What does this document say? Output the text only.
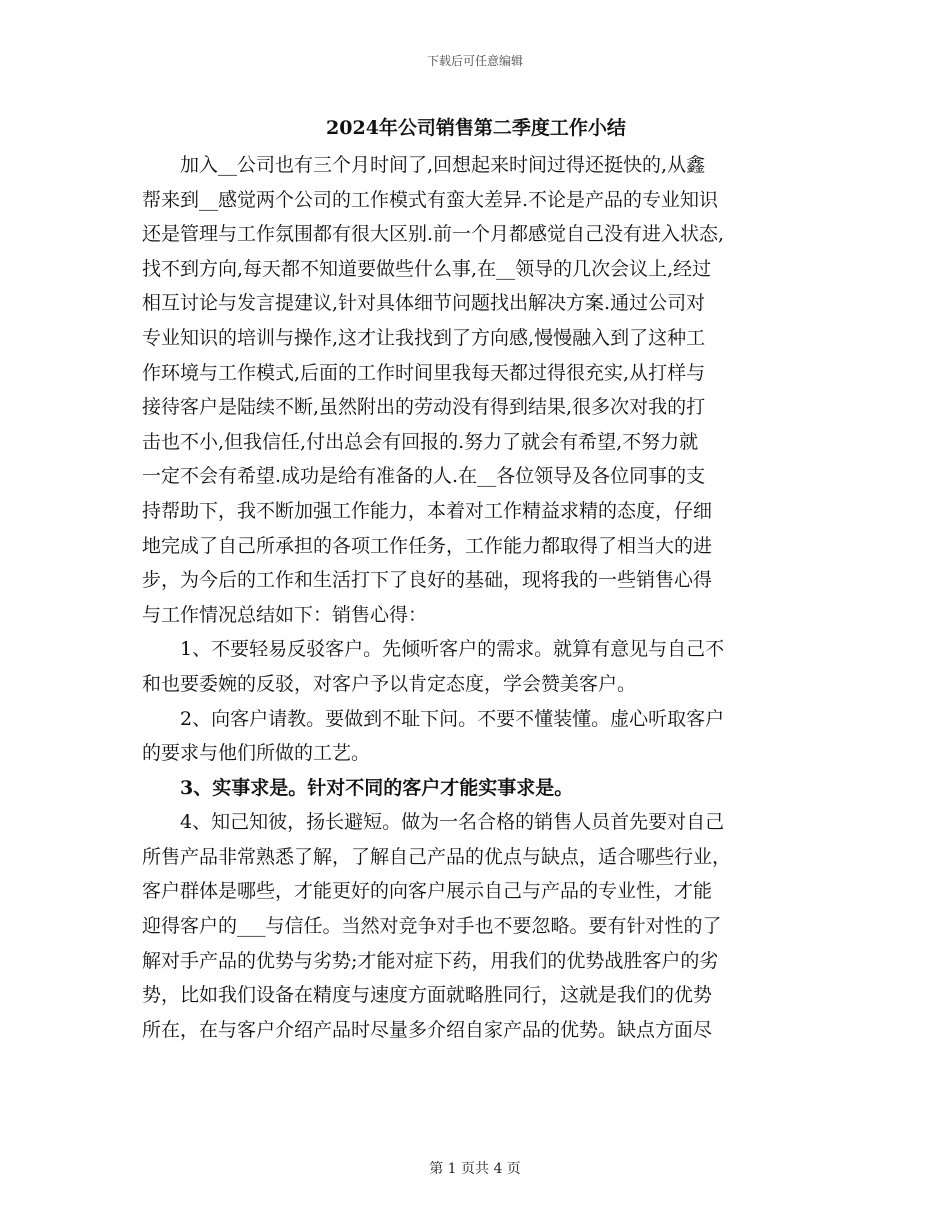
下载后可任意编辑
2024年公司销售第二季度工作小结
加入__公司也有三个月时间了,回想起来时间过得还挺快的,从鑫
帮来到__感觉两个公司的工作模式有蛮大差异.不论是产品的专业知识
还是管理与工作氛围都有很大区别.前一个月都感觉自己没有进入状态,
找不到方向,每天都不知道要做些什么事,在__领导的几次会议上,经过
相互讨论与发言提建议,针对具体细节问题找出解决方案.通过公司对
专业知识的培训与操作,这才让我找到了方向感,慢慢融入到了这种工
作环境与工作模式,后面的工作时间里我每天都过得很充实,从打样与
接待客户是陆续不断,虽然附出的劳动没有得到结果,很多次对我的打
击也不小,但我信任,付出总会有回报的.努力了就会有希望,不努力就
一定不会有希望.成功是给有准备的人.在__各位领导及各位同事的支
持帮助下，我不断加强工作能力，本着对工作精益求精的态度，仔细
地完成了自己所承担的各项工作任务，工作能力都取得了相当大的进
步，为今后的工作和生活打下了良好的基础，现将我的一些销售心得
与工作情况总结如下：销售心得：
1、不要轻易反驳客户。先倾听客户的需求。就算有意见与自己不
和也要委婉的反驳，对客户予以肯定态度，学会赞美客户。
2、向客户请教。要做到不耻下问。不要不懂装懂。虚心听取客户
的要求与他们所做的工艺。
3、实事求是。针对不同的客户才能实事求是。
4、知己知彼，扬长避短。做为一名合格的销售人员首先要对自己
所售产品非常熟悉了解，了解自己产品的优点与缺点，适合哪些行业，
客户群体是哪些，才能更好的向客户展示自己与产品的专业性，才能
迎得客户的___与信任。当然对竞争对手也不要忽略。要有针对性的了
解对手产品的优势与劣势;才能对症下药，用我们的优势战胜客户的劣
势，比如我们设备在精度与速度方面就略胜同行，这就是我们的优势
所在，在与客户介绍产品时尽量多介绍自家产品的优势。缺点方面尽
第 1 页共 4 页
